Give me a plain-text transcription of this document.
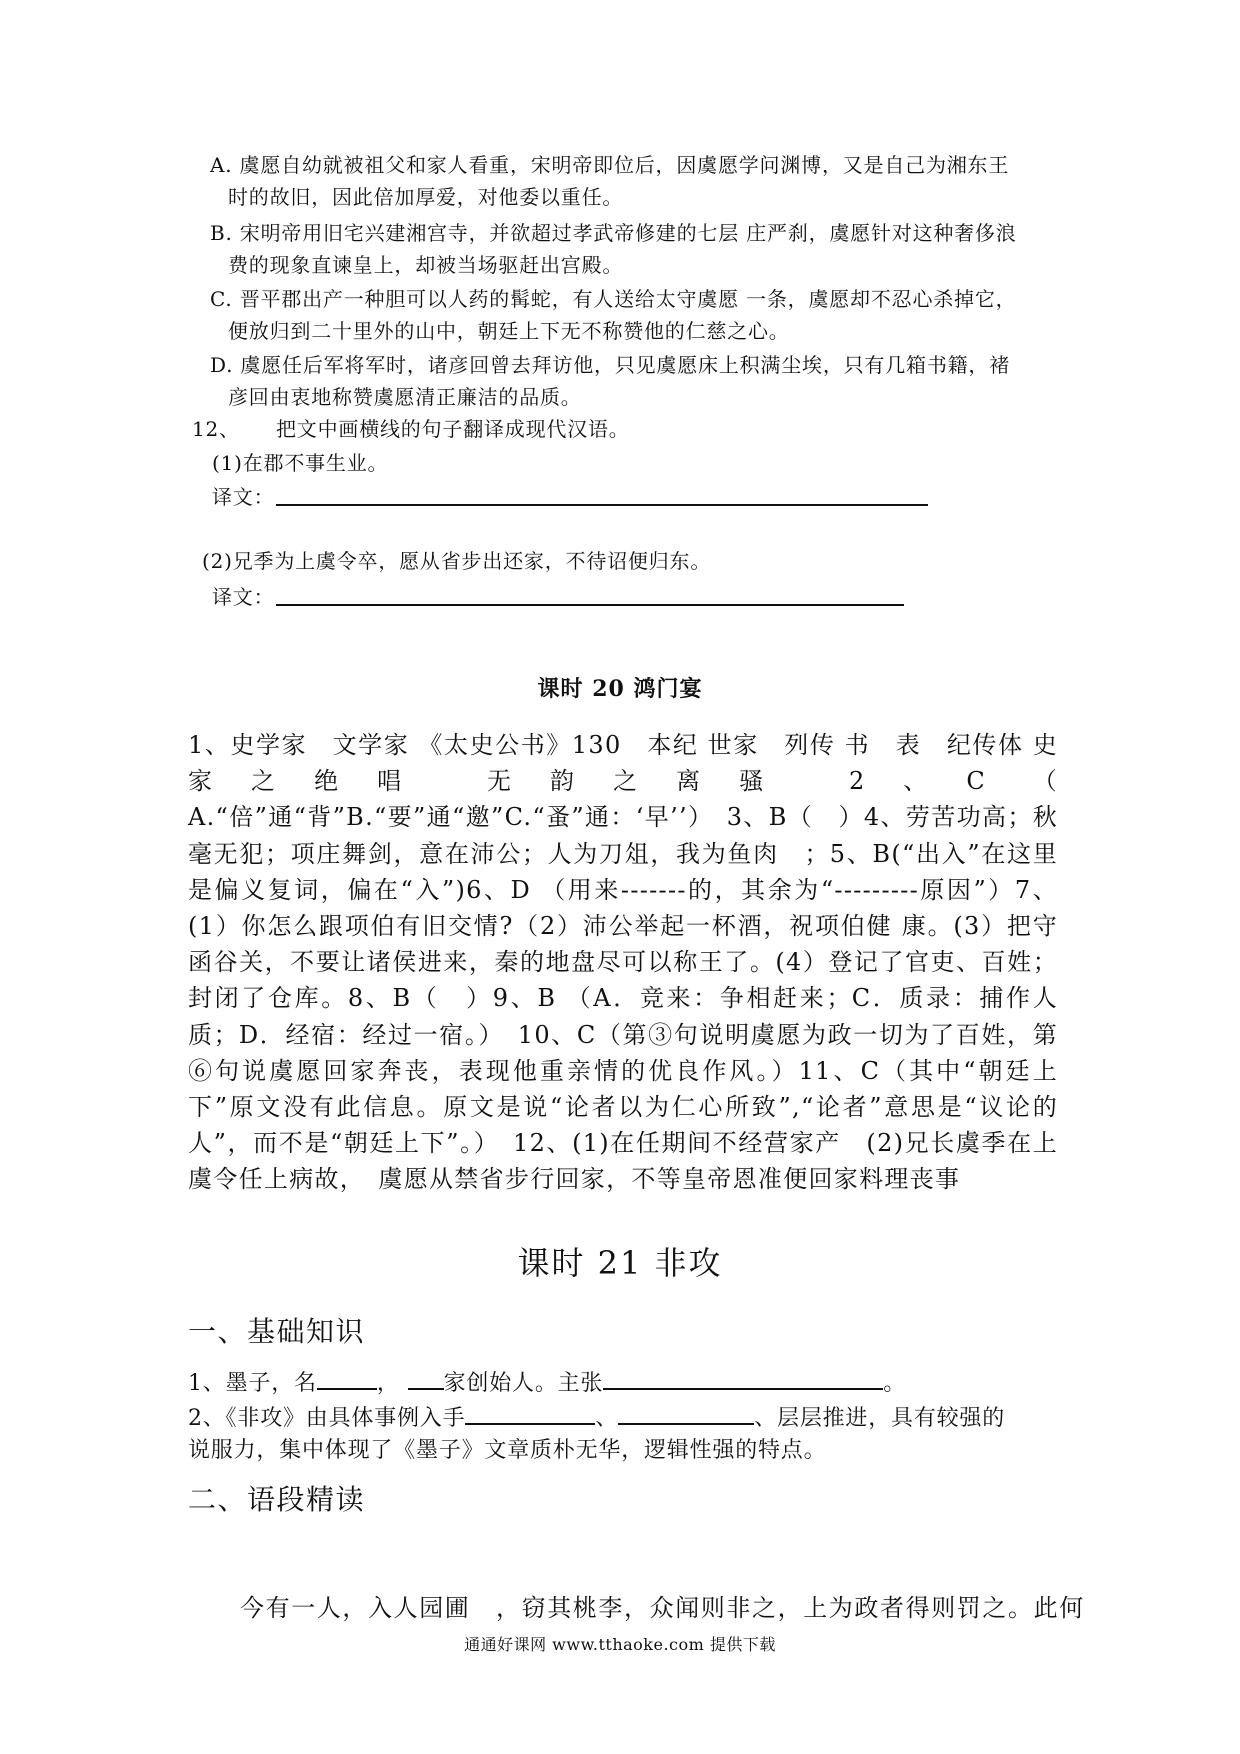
A. 虞愿自幼就被祖父和家人看重，宋明帝即位后，因虞愿学问渊博，又是自己为湘东王
时的故旧，因此倍加厚爱，对他委以重任。
B. 宋明帝用旧宅兴建湘宫寺，并欲超过孝武帝修建的七层 庄严刹，虞愿针对这种奢侈浪
费的现象直谏皇上，却被当场驱赶出宫殿。
C. 晋平郡出产一种胆可以人药的髯蛇，有人送给太守虞愿 一条，虞愿却不忍心杀掉它，
便放归到二十里外的山中，朝廷上下无不称赞他的仁慈之心。
D. 虞愿任后军将军时，诸彦回曾去拜访他，只见虞愿床上积满尘埃，只有几箱书籍，褚
彦回由衷地称赞虞愿清正廉洁的品质。
12、 把文中画横线的句子翻译成现代汉语。
(1)在郡不事生业。
译文：
(2)兄季为上虞令卒，愿从省步出还家，不待诏便归东。
译文：
课时 20 鸿门宴
1、史学家　文学家 《太史公书》130　本纪 世家　列传 书　表　纪传体 史家之绝唱 无韵之离骚 2、C （　A.“倍”通“背”B.“要”通“邀”C.“蚤”通：‘早’’）　3、B（　）4、劳苦功高；秋毫无犯；项庄舞剑，意在沛公；人为刀俎，我为鱼肉　；5、B(“出入”在这里是偏义复词，偏在“入”)6、D （用来-------的，其余为“---------原因”）7、(1）你怎么跟项伯有旧交情?（2）沛公举起一杯酒，祝项伯健 康。(3）把守函谷关，不要让诸侯进来，秦的地盘尽可以称王了。(4）登记了官吏、百姓；封闭了仓库。8、B（　）9、B （A．竞来：争相赶来；C．质录：捕作人质；D．经宿：经过一宿。）　10、C（第③句说明虞愿为政一切为了百姓，第⑥句说虞愿回家奔丧，表现他重亲情的优良作风。）11、C（其中“朝廷上下”原文没有此信息。原文是说“论者以为仁心所致”,“论者”意思是“议论的人”，而不是“朝廷上下”。）　12、(1)在任期间不经营家产　(2)兄长虞季在上虞令任上病故，　虞愿从禁省步行回家，不等皇帝恩准便回家料理丧事
课时 21 非攻
一、基础知识
1、墨子，名	， 家创始人。主张	。
2、《非攻》由具体事例入手	、	、层层推进，具有较强的
说服力，集中体现了《墨子》文章质朴无华，逻辑性强的特点。
二、语段精读
今有一人，入人园圃　，窃其桃李，众闻则非之，上为政者得则罚之。此何
通通好课网 www.tthaoke.com 提供下载
